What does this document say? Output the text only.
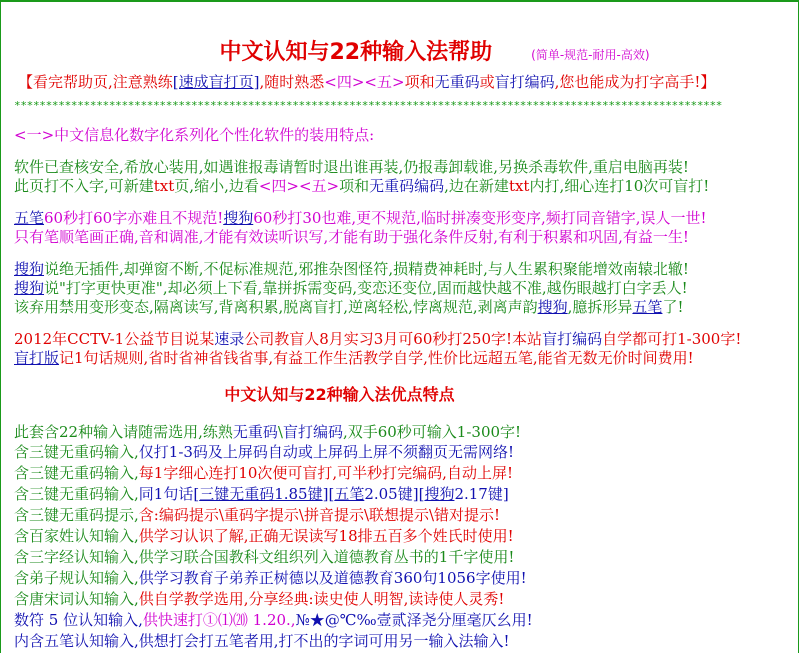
中文认知与22种输入法帮助	(简单-规范-耐用-高效)
【看完帮助页,注意熟练[速成盲打页],随时熟悉<四><五>项和无重码或盲打编码,您也能成为打字高手!】
****************************************************************************************************************
<一>中文信息化数字化系列化个性化软件的装用特点:
软件已查核安全,希放心装用,如遇谁报毒请暂时退出谁再装,仍报毒卸载谁,另换杀毒软件,重启电脑再装!
此页打不入字,可新建txt页,缩小,边看<四><五>项和无重码编码,边在新建txt内打,细心连打10次可盲打!
五笔60秒打60字亦难且不规范!搜狗60秒打30也难,更不规范,临时拼凑变形变序,频打同音错字,误人一世!
只有笔顺笔画正确,音和调准,才能有效读听识写,才能有助于强化条件反射,有利于积累和巩固,有益一生!
搜狗说绝无插件,却弹窗不断,不促标准规范,邪推杂图怪符,损精费神耗时,与人生累积聚能增效南辕北辙!
搜狗说"打字更快更准",却必须上下看,靠拼拆需变码,变恋还变位,固而越快越不准,越伤眼越打白字丢人!
该弃用禁用变形变态,隔离读写,背离积累,脱离盲打,逆离轻松,悖离规范,剥离声韵搜狗,臆拆形异五笔了!
2012年CCTV-1公益节目说某速录公司教盲人8月实习3月可60秒打250字!本站盲打编码自学都可打1-300字!
盲打版记1句话规则,省时省神省钱省事,有益工作生活教学自学,性价比远超五笔,能省无数无价时间费用!
中文认知与22种输入法优点特点
此套含22种输入请随需选用,练熟无重码\盲打编码,双手60秒可输入1-300字!
含三键无重码输入,仅打1-3码及上屏码自动或上屏码上屏不须翻页无需网络!
含三键无重码输入,每1字细心连打10次便可盲打,可半秒打完编码,自动上屏!
含三键无重码输入,同1句话[三键无重码1.85键][五笔2.05键][搜狗2.17键]
含三键无重码提示,含:编码提示\重码字提示\拼音提示\联想提示\错对提示!
含百家姓认知输入,供学习认识了解,正确无误读写18排五百多个姓氏时使用!
含三字经认知输入,供学习联合国教科文组织列入道德教育丛书的1千字使用!
含弟子规认知输入,供学习教育子弟养正树德以及道德教育360句1056字使用!
含唐宋词认知输入,供自学教学选用,分享经典:读史使人明智,读诗使人灵秀!
数符 5 位认知输入,供快速打①⑴⒇ 1.20.,№★@℃‰壹贰泽尧分厘毫仄幺用!
内含五笔认知输入,供想打会打五笔者用,打不出的字词可用另一输入法输入!
